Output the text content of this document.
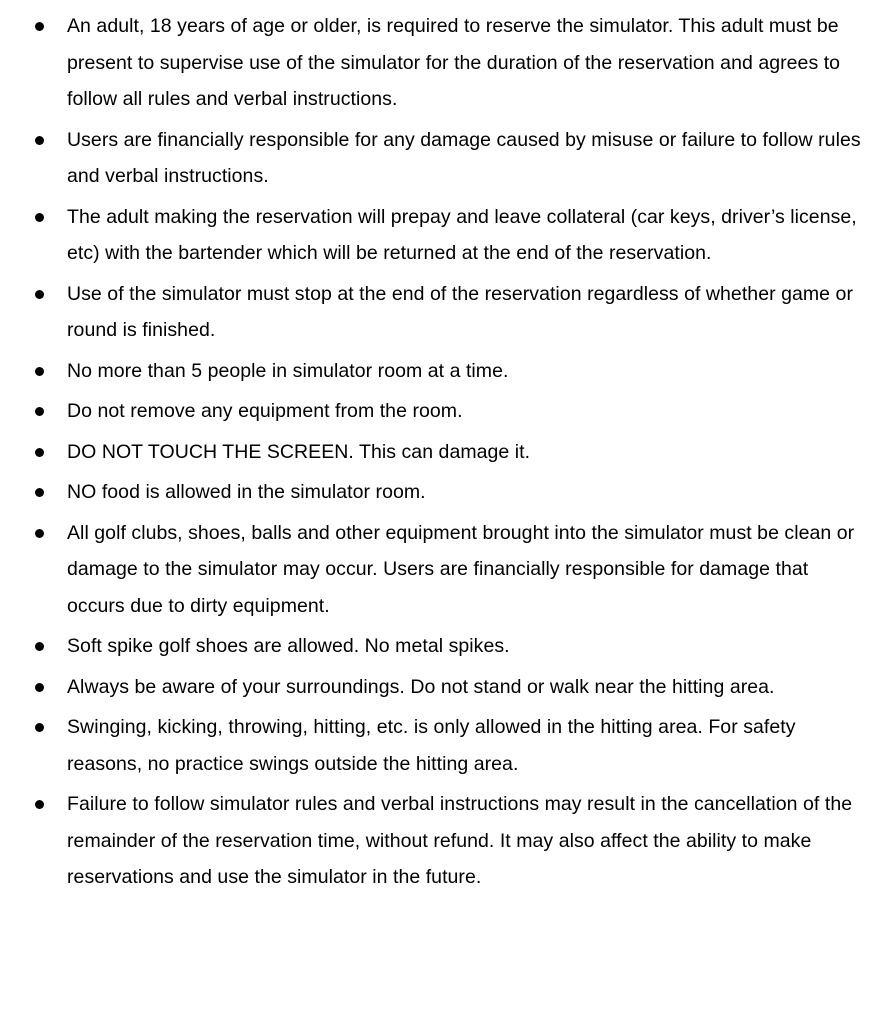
An adult, 18 years of age or older, is required to reserve the simulator. This adult must be present to supervise use of the simulator for the duration of the reservation and agrees to follow all rules and verbal instructions.
Users are financially responsible for any damage caused by misuse or failure to follow rules and verbal instructions.
The adult making the reservation will prepay and leave collateral (car keys, driver’s license, etc) with the bartender which will be returned at the end of the reservation.
Use of the simulator must stop at the end of the reservation regardless of whether game or round is finished.
No more than 5 people in simulator room at a time.
Do not remove any equipment from the room.
DO NOT TOUCH THE SCREEN. This can damage it.
NO food is allowed in the simulator room.
All golf clubs, shoes, balls and other equipment brought into the simulator must be clean or damage to the simulator may occur. Users are financially responsible for damage that occurs due to dirty equipment.
Soft spike golf shoes are allowed. No metal spikes.
Always be aware of your surroundings. Do not stand or walk near the hitting area.
Swinging, kicking, throwing, hitting, etc. is only allowed in the hitting area. For safety reasons, no practice swings outside the hitting area.
Failure to follow simulator rules and verbal instructions may result in the cancellation of the remainder of the reservation time, without refund. It may also affect the ability to make reservations and use the simulator in the future.
